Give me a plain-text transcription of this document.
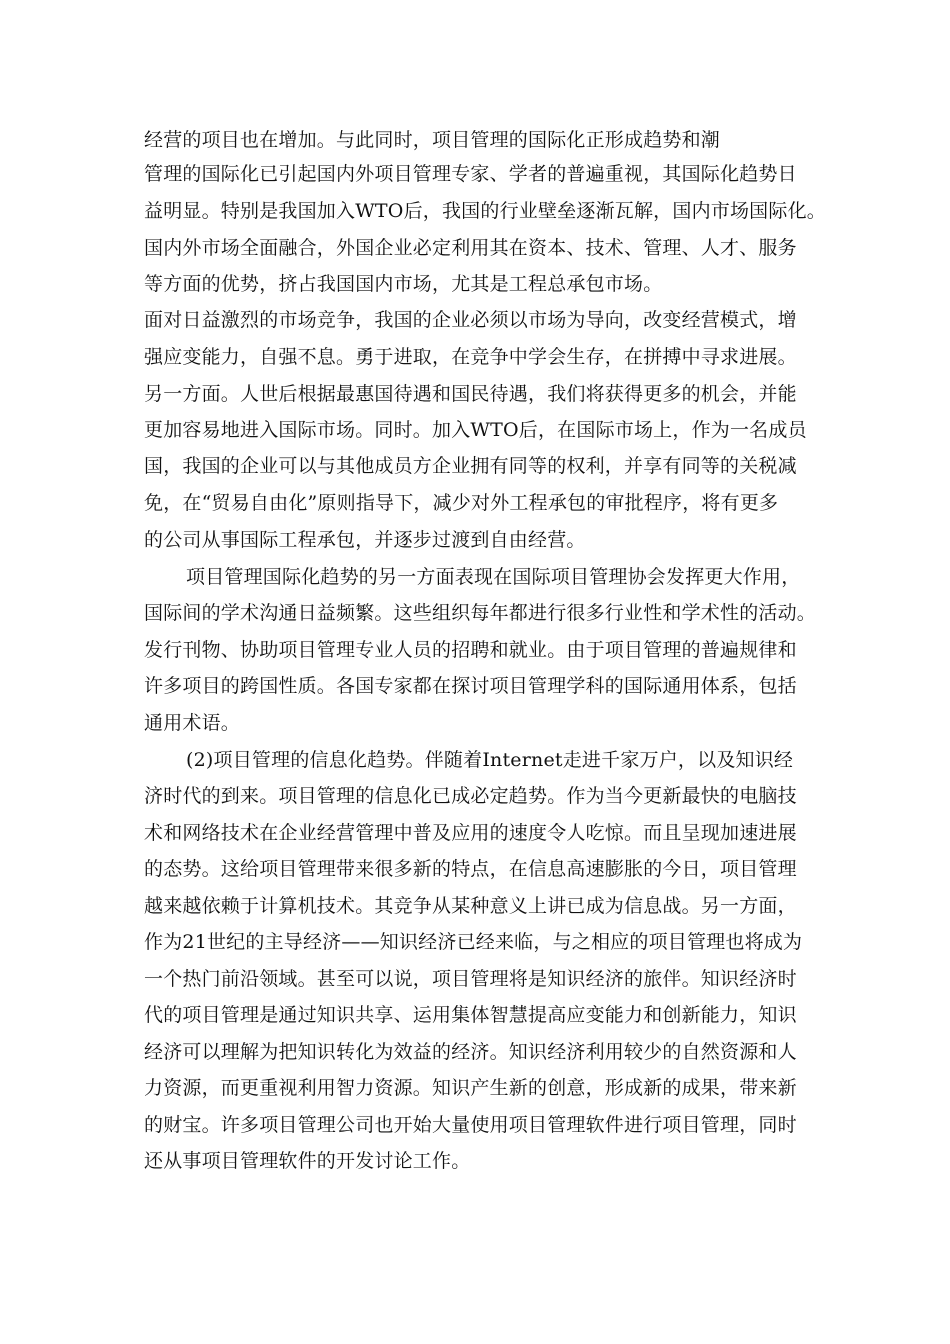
经营的项目也在增加。与此同时，项目管理的国际化正形成趋势和潮
管理的国际化已引起国内外项目管理专家、学者的普遍重视，其国际化趋势日
益明显。特别是我国加入WTO后，我国的行业壁垒逐渐瓦解，国内市场国际化。
国内外市场全面融合，外国企业必定利用其在资本、技术、管理、人才、服务
等方面的优势，挤占我国国内市场，尤其是工程总承包市场。
面对日益激烈的市场竞争，我国的企业必须以市场为导向，改变经营模式，增
强应变能力，自强不息。勇于进取，在竞争中学会生存，在拼搏中寻求进展。
另一方面。人世后根据最惠国待遇和国民待遇，我们将获得更多的机会，并能
更加容易地进入国际市场。同时。加入WTO后，在国际市场上，作为一名成员
国，我国的企业可以与其他成员方企业拥有同等的权利，并享有同等的关税减
免，在“贸易自由化”原则指导下，减少对外工程承包的审批程序，将有更多
的公司从事国际工程承包，并逐步过渡到自由经营。
项目管理国际化趋势的另一方面表现在国际项目管理协会发挥更大作用，
国际间的学术沟通日益频繁。这些组织每年都进行很多行业性和学术性的活动。
发行刊物、协助项目管理专业人员的招聘和就业。由于项目管理的普遍规律和
许多项目的跨国性质。各国专家都在探讨项目管理学科的国际通用体系，包括
通用术语。
(2)项目管理的信息化趋势。伴随着Internet走进千家万户，以及知识经
济时代的到来。项目管理的信息化已成必定趋势。作为当今更新最快的电脑技
术和网络技术在企业经营管理中普及应用的速度令人吃惊。而且呈现加速进展
的态势。这给项目管理带来很多新的特点，在信息高速膨胀的今日，项目管理
越来越依赖于计算机技术。其竞争从某种意义上讲已成为信息战。另一方面，
作为21世纪的主导经济——知识经济已经来临，与之相应的项目管理也将成为
一个热门前沿领域。甚至可以说，项目管理将是知识经济的旅伴。知识经济时
代的项目管理是通过知识共享、运用集体智慧提高应变能力和创新能力，知识
经济可以理解为把知识转化为效益的经济。知识经济利用较少的自然资源和人
力资源，而更重视利用智力资源。知识产生新的创意，形成新的成果，带来新
的财宝。许多项目管理公司也开始大量使用项目管理软件进行项目管理，同时
还从事项目管理软件的开发讨论工作。
